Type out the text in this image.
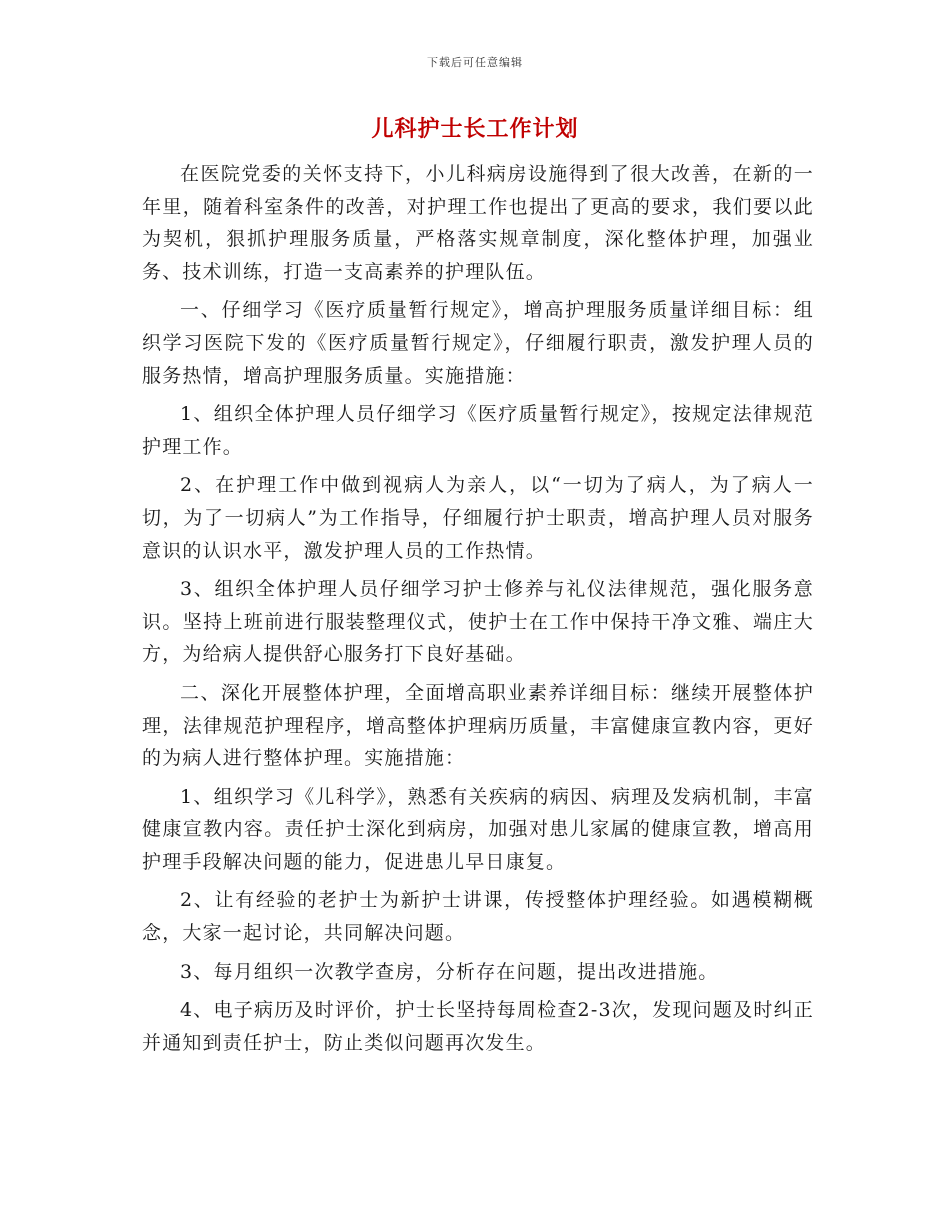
下载后可任意编辑
儿科护士长工作计划

在医院党委的关怀支持下，小儿科病房设施得到了很大改善，在新的一年里，随着科室条件的改善，对护理工作也提出了更高的要求，我们要以此为契机，狠抓护理服务质量，严格落实规章制度，深化整体护理，加强业务、技术训练，打造一支高素养的护理队伍。

一、仔细学习《医疗质量暂行规定》，增高护理服务质量详细目标：组织学习医院下发的《医疗质量暂行规定》，仔细履行职责，激发护理人员的服务热情，增高护理服务质量。实施措施：

1、组织全体护理人员仔细学习《医疗质量暂行规定》，按规定法律规范护理工作。

2、在护理工作中做到视病人为亲人，以“一切为了病人，为了病人一切，为了一切病人”为工作指导，仔细履行护士职责，增高护理人员对服务意识的认识水平，激发护理人员的工作热情。

3、组织全体护理人员仔细学习护士修养与礼仪法律规范，强化服务意识。坚持上班前进行服装整理仪式，使护士在工作中保持干净文雅、端庄大方，为给病人提供舒心服务打下良好基础。

二、深化开展整体护理，全面增高职业素养详细目标：继续开展整体护理，法律规范护理程序，增高整体护理病历质量，丰富健康宣教内容，更好的为病人进行整体护理。实施措施：

1、组织学习《儿科学》，熟悉有关疾病的病因、病理及发病机制，丰富健康宣教内容。责任护士深化到病房，加强对患儿家属的健康宣教，增高用护理手段解决问题的能力，促进患儿早日康复。

2、让有经验的老护士为新护士讲课，传授整体护理经验。如遇模糊概念，大家一起讨论，共同解决问题。

3、每月组织一次教学查房，分析存在问题，提出改进措施。

4、电子病历及时评价，护士长坚持每周检查2-3次，发现问题及时纠正并通知到责任护士，防止类似问题再次发生。
